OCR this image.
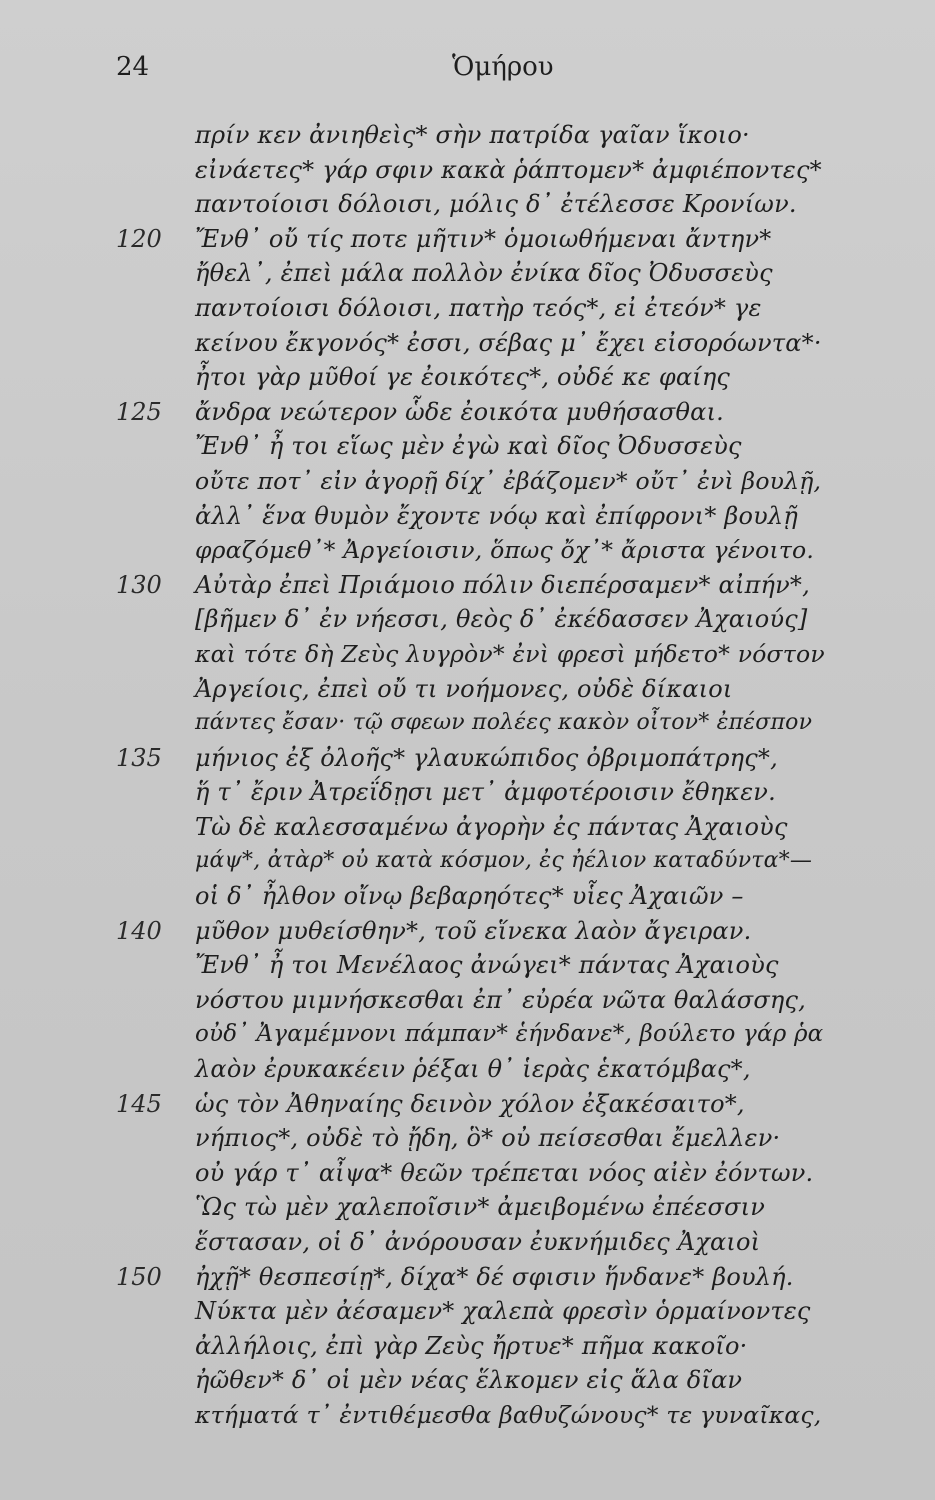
24	Ὁμήρου
πρίν κεν ἀνιηθεὶς* σὴν πατρίδα γαῖαν ἵκοιο·
εἰνάετες* γάρ σφιν κακὰ ῥάπτομεν* ἀμφιέποντες*
παντοίοισι δόλοισι, μόλις δ᾽ ἐτέλεσσε Κρονίων.
120 Ἔνθ᾽ οὔ τίς ποτε μῆτιν* ὁμοιωθήμεναι ἄντην*
ἤθελ᾽, ἐπεὶ μάλα πολλὸν ἐνίκα δῖος Ὀδυσσεὺς
παντοίοισι δόλοισι, πατὴρ τεός*, εἰ ἐτεόν* γε
κείνου ἔκγονός* ἐσσι, σέβας μ᾽ ἔχει εἰσορόωντα*·
ἦτοι γὰρ μῦθοί γε ἐοικότες*, οὐδέ κε φαίης
125 ἄνδρα νεώτερον ὧδε ἐοικότα μυθήσασθαι.
Ἔνθ᾽ ἦ τοι εἵως μὲν ἐγὼ καὶ δῖος Ὀδυσσεὺς
οὔτε ποτ᾽ εἰν ἀγορῇ δίχ᾽ ἐβάζομεν* οὔτ᾽ ἐνὶ βουλῇ,
ἀλλ᾽ ἕνα θυμὸν ἔχοντε νόῳ καὶ ἐπίφρονι* βουλῇ
φραζόμεθ᾽* Ἀργείοισιν, ὅπως ὄχ᾽* ἄριστα γένοιτο.
130 Αὐτὰρ ἐπεὶ Πριάμοιο πόλιν διεπέρσαμεν* αἰπήν*,
[βῆμεν δ᾽ ἐν νήεσσι, θεὸς δ᾽ ἐκέδασσεν Ἀχαιούς]
καὶ τότε δὴ Ζεὺς λυγρὸν* ἐνὶ φρεσὶ μήδετο* νόστον
Ἀργείοις, ἐπεὶ οὔ τι νοήμονες, οὐδὲ δίκαιοι
πάντες ἔσαν· τῷ σφεων πολέες κακὸν οἶτον* ἐπέσπον
135 μήνιος ἐξ ὀλοῆς* γλαυκώπιδος ὀβριμοπάτρης*,
ἥ τ᾽ ἔριν Ἀτρεΐδῃσι μετ᾽ ἀμφοτέροισιν ἔθηκεν.
Τὼ δὲ καλεσσαμένω ἀγορὴν ἐς πάντας Ἀχαιοὺς
μάψ*, ἀτὰρ* οὐ κατὰ κόσμον, ἐς ἠέλιον καταδύντα*—
οἱ δ᾽ ἦλθον οἴνῳ βεβαρηότες* υἷες Ἀχαιῶν –
140 μῦθον μυθείσθην*, τοῦ εἵνεκα λαὸν ἄγειραν.
Ἔνθ᾽ ἦ τοι Μενέλαος ἀνώγει* πάντας Ἀχαιοὺς
νόστου μιμνήσκεσθαι ἐπ᾽ εὐρέα νῶτα θαλάσσης,
οὐδ᾽ Ἀγαμέμνονι πάμπαν* ἑήνδανε*, βούλετο γάρ ῥα
λαὸν ἐρυκακέειν ῥέξαι θ᾽ ἱερὰς ἑκατόμβας*,
145 ὡς τὸν Ἀθηναίης δεινὸν χόλον ἐξακέσαιτο*,
νήπιος*, οὐδὲ τὸ ᾔδη, ὃ* οὐ πείσεσθαι ἔμελλεν·
οὐ γάρ τ᾽ αἶψα* θεῶν τρέπεται νόος αἰὲν ἐόντων.
Ὣς τὼ μὲν χαλεποῖσιν* ἀμειβομένω ἐπέεσσιν
ἕστασαν, οἱ δ᾽ ἀνόρουσαν ἐυκνήμιδες Ἀχαιοὶ
150 ἠχῇ* θεσπεσίῃ*, δίχα* δέ σφισιν ἥνδανε* βουλή.
Νύκτα μὲν ἀέσαμεν* χαλεπὰ φρεσὶν ὁρμαίνοντες
ἀλλήλοις, ἐπὶ γὰρ Ζεὺς ἤρτυε* πῆμα κακοῖο·
ἠῶθεν* δ᾽ οἱ μὲν νέας ἕλκομεν εἰς ἅλα δῖαν
κτήματά τ᾽ ἐντιθέμεσθα βαθυζώνους* τε γυναῖκας,
